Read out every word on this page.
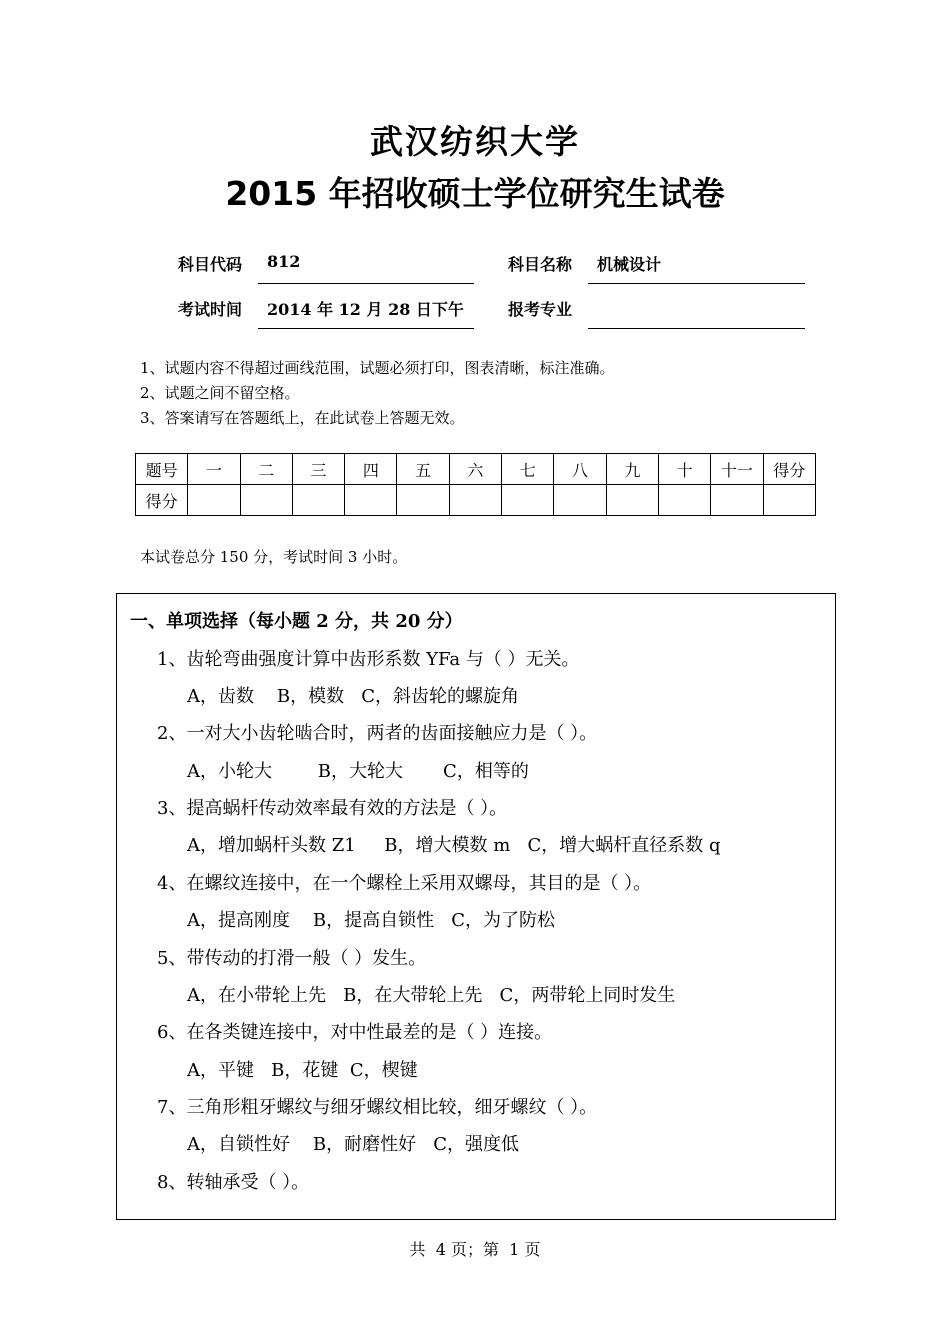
武汉纺织大学
2015 年招收硕士学位研究生试卷
科目代码 812	科目名称 机械设计
考试时间 2014 年 12 月 28 日下午	报考专业
1、试题内容不得超过画线范围，试题必须打印，图表清晰，标注准确。
2、试题之间不留空格。
3、答案请写在答题纸上，在此试卷上答题无效。
题号	一	二	三	四	五	六	七	八	九	十	十一	得分
得分												
本试卷总分 150 分，考试时间 3 小时。
一、单项选择（每小题 2 分，共 20 分）
1、齿轮弯曲强度计算中齿形系数 YFa 与（ ）无关。
A，齿数    B，模数   C，斜齿轮的螺旋角
2、一对大小齿轮啮合时，两者的齿面接触应力是（ ）。
A，小轮大        B，大轮大       C，相等的
3、提高蜗杆传动效率最有效的方法是（ ）。
A，增加蜗杆头数 Z1     B，增大模数 m   C，增大蜗杆直径系数 q
4、在螺纹连接中，在一个螺栓上采用双螺母，其目的是（ ）。
A，提高刚度    B，提高自锁性   C，为了防松
5、带传动的打滑一般（ ）发生。
A，在小带轮上先   B，在大带轮上先   C，两带轮上同时发生
6、在各类键连接中，对中性最差的是（ ）连接。
A，平键   B，花键  C，楔键
7、三角形粗牙螺纹与细牙螺纹相比较，细牙螺纹（ ）。
A，自锁性好    B，耐磨性好   C，强度低
8、转轴承受（ ）。
共  4 页；第  1 页
